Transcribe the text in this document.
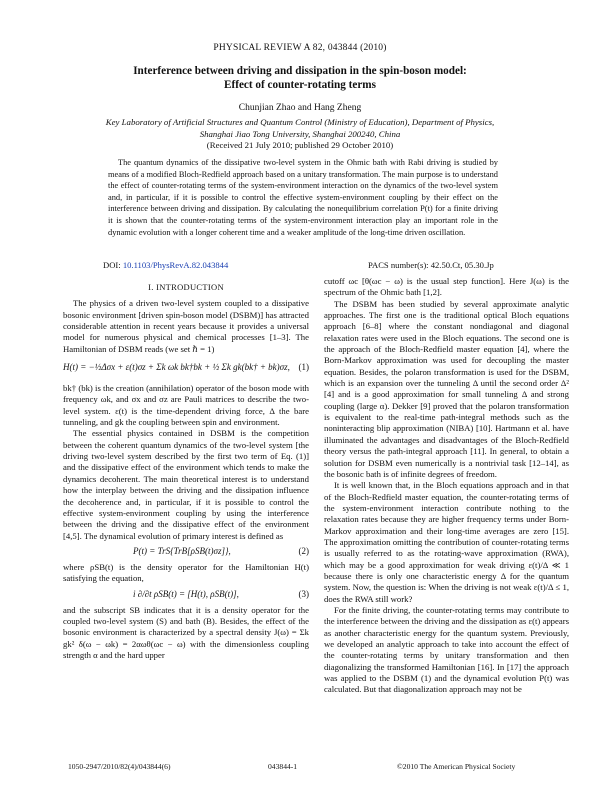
PHYSICAL REVIEW A 82, 043844 (2010)
Interference between driving and dissipation in the spin-boson model:
Effect of counter-rotating terms
Chunjian Zhao and Hang Zheng
Key Laboratory of Artificial Structures and Quantum Control (Ministry of Education), Department of Physics,
Shanghai Jiao Tong University, Shanghai 200240, China
(Received 21 July 2010; published 29 October 2010)
The quantum dynamics of the dissipative two-level system in the Ohmic bath with Rabi driving is studied by means of a modified Bloch-Redfield approach based on a unitary transformation. The main purpose is to understand the effect of counter-rotating terms of the system-environment interaction on the dynamics of the two-level system and, in particular, if it is possible to control the effective system-environment coupling by their effect on the interference between driving and dissipation. By calculating the nonequilibrium correlation P(t) for a finite driving it is shown that the counter-rotating terms of the system-environment interaction play an important role in the dynamic evolution with a longer coherent time and a weaker amplitude of the long-time driven oscillation.
DOI: 10.1103/PhysRevA.82.043844	PACS number(s): 42.50.Ct, 05.30.Jp
I. INTRODUCTION

The physics of a driven two-level system coupled to a dissipative bosonic environment [driven spin-boson model (DSBM)] has attracted considerable attention in recent years because it provides a universal model for numerous physical and chemical processes [1–3]. The Hamiltonian of DSBM reads (we set ℏ = 1)

H(t) = −½Δσx + ε(t)σz + Σk ωk bk†bk + ½ Σk gk(bk† + bk)σz, (1)

bk† (bk) is the creation (annihilation) operator of the boson mode with frequency ωk, and σx and σz are Pauli matrices to describe the two-level system. ε(t) is the time-dependent driving force, Δ the bare tunneling, and gk the coupling between spin and environment.

The essential physics contained in DSBM is the competition between the coherent quantum dynamics of the two-level system [the driving two-level system described by the first two term of Eq. (1)] and the dissipative effect of the environment which tends to make the dynamics decoherent. The main theoretical interest is to understand how the interplay between the driving and the dissipation influence the decoherence and, in particular, if it is possible to control the effective system-environment coupling by using the interference between the driving and the dissipative effect of the environment [4,5]. The dynamical evolution of primary interest is defined as

P(t) = TrS{TrB[ρSB(t)σz]},	(2)

where ρSB(t) is the density operator for the Hamiltonian H(t) satisfying the equation,

i ∂/∂t ρSB(t) = [H(t), ρSB(t)],	(3)

and the subscript SB indicates that it is a density operator for the coupled two-level system (S) and bath (B). Besides, the effect of the bosonic environment is characterized by a spectral density J(ω) = Σk gk² δ(ω − ωk) = 2αωθ(ωc − ω) with the dimensionless coupling strength α and the hard upper

cutoff ωc [θ(ωc − ω) is the usual step function]. Here J(ω) is the spectrum of the Ohmic bath [1,2].

The DSBM has been studied by several approximate analytic approaches. The first one is the traditional optical Bloch equations approach [6–8] where the constant nondiagonal and diagonal relaxation rates were used in the Bloch equations. The second one is the approach of the Bloch-Redfield master equation [4], where the Born-Markov approximation was used for decoupling the master equation. Besides, the polaron transformation is used for the DSBM, which is an expansion over the tunneling Δ until the second order Δ² [4] and is a good approximation for small tunneling Δ and strong coupling (large α). Dekker [9] proved that the polaron transformation is equivalent to the real-time path-integral methods such as the noninteracting blip approximation (NIBA) [10]. Hartmann et al. have illuminated the advantages and disadvantages of the Bloch-Redfield theory versus the path-integral approach [11]. In general, to obtain a solution for DSBM even numerically is a nontrivial task [12–14], as the bosonic bath is of infinite degrees of freedom.

It is well known that, in the Bloch equations approach and in that of the Bloch-Redfield master equation, the counter-rotating terms of the system-environment interaction contribute nothing to the relaxation rates because they are higher frequency terms under Born-Markov approximation and their long-time averages are zero [15]. The approximation omitting the contribution of counter-rotating terms is usually referred to as the rotating-wave approximation (RWA), which may be a good approximation for weak driving ε(t)/Δ ≪ 1 because there is only one characteristic energy Δ for the quantum system. Now, the question is: When the driving is not weak ε(t)/Δ ≤ 1, does the RWA still work?

For the finite driving, the counter-rotating terms may contribute to the interference between the driving and the dissipation as ε(t) appears as another characteristic energy for the quantum system. Previously, we developed an analytic approach to take into account the effect of the counter-rotating terms by unitary transformation and then diagonalizing the transformed Hamiltonian [16]. In [17] the approach was applied to the DSBM (1) and the dynamical evolution P(t) was calculated. But that diagonalization approach may not be

1050-2947/2010/82(4)/043844(6)	043844-1	©2010 The American Physical Society
